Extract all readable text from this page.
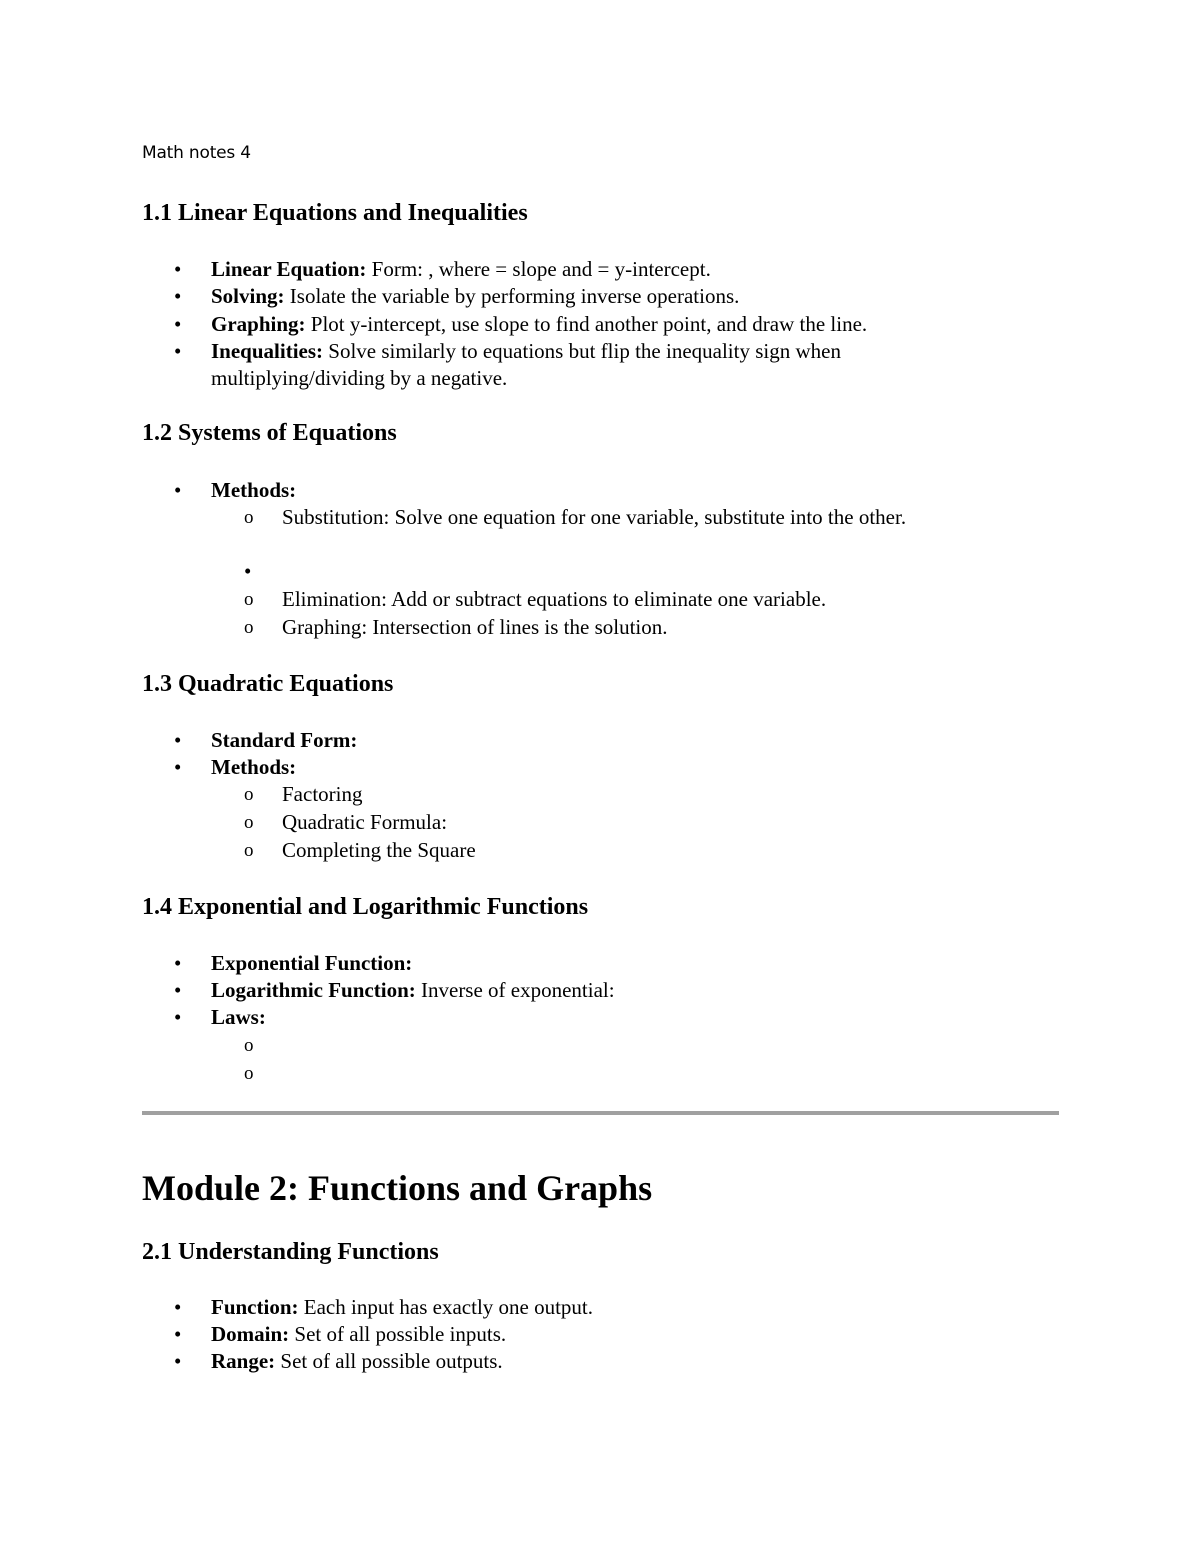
Math notes 4
1.1 Linear Equations and Inequalities
• Linear Equation: Form: , where = slope and = y-intercept.
• Solving: Isolate the variable by performing inverse operations.
• Graphing: Plot y-intercept, use slope to find another point, and draw the line.
• Inequalities: Solve similarly to equations but flip the inequality sign when
multiplying/dividing by a negative.
1.2 Systems of Equations
• Methods:
o Substitution: Solve one equation for one variable, substitute into the other.
•
o Elimination: Add or subtract equations to eliminate one variable.
o Graphing: Intersection of lines is the solution.
1.3 Quadratic Equations
• Standard Form:
• Methods:
o Factoring
o Quadratic Formula:
o Completing the Square
1.4 Exponential and Logarithmic Functions
• Exponential Function:
• Logarithmic Function: Inverse of exponential:
• Laws:
o
o
Module 2: Functions and Graphs
2.1 Understanding Functions
• Function: Each input has exactly one output.
• Domain: Set of all possible inputs.
• Range: Set of all possible outputs.
